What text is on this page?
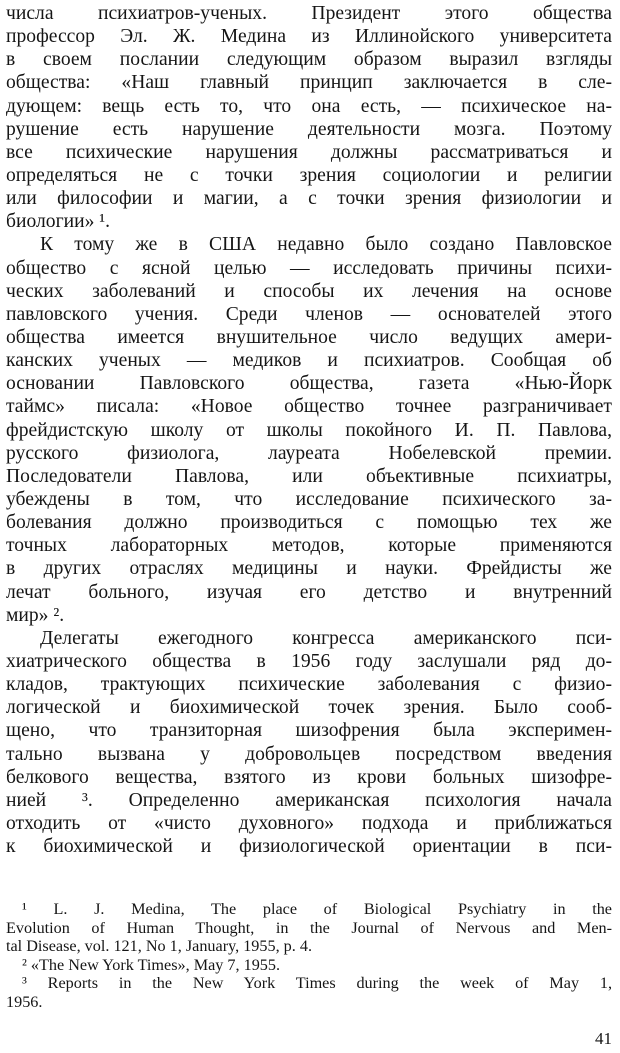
числа психиатров-ученых. Президент этого общества
профессор Эл. Ж. Медина из Иллинойского университета
в своем послании следующим образом выразил взгляды
общества: «Наш главный принцип заключается в сле-
дующем: вещь есть то, что она есть, — психическое на-
рушение есть нарушение деятельности мозга. Поэтому
все психические нарушения должны рассматриваться и
определяться не с точки зрения социологии и религии
или философии и магии, а с точки зрения физиологии и
биологии» ¹.
К тому же в США недавно было создано Павловское
общество с ясной целью — исследовать причины психи-
ческих заболеваний и способы их лечения на основе
павловского учения. Среди членов — основателей этого
общества имеется внушительное число ведущих амери-
канских ученых — медиков и психиатров. Сообщая об
основании Павловского общества, газета «Нью-Йорк
таймс» писала: «Новое общество точнее разграничивает
фрейдистскую школу от школы покойного И. П. Павлова,
русского физиолога, лауреата Нобелевской премии.
Последователи Павлова, или объективные психиатры,
убеждены в том, что исследование психического за-
болевания должно производиться с помощью тех же
точных лабораторных методов, которые применяются
в других отраслях медицины и науки. Фрейдисты же
лечат больного, изучая его детство и внутренний
мир» ².
Делегаты ежегодного конгресса американского пси-
хиатрического общества в 1956 году заслушали ряд до-
кладов, трактующих психические заболевания с физио-
логической и биохимической точек зрения. Было сооб-
щено, что транзиторная шизофрения была эксперимен-
тально вызвана у добровольцев посредством введения
белкового вещества, взятого из крови больных шизофре-
нией ³. Определенно американская психология начала
отходить от «чисто духовного» подхода и приближаться
к биохимической и физиологической ориентации в пси-
¹ L. J. Medina, The place of Biological Psychiatry in the
Evolution of Human Thought, in the Journal of Nervous and Men-
tal Disease, vol. 121, No 1, January, 1955, p. 4.
² «The New York Times», May 7, 1955.
³ Reports in the New York Times during the week of May 1,
1956.
41
